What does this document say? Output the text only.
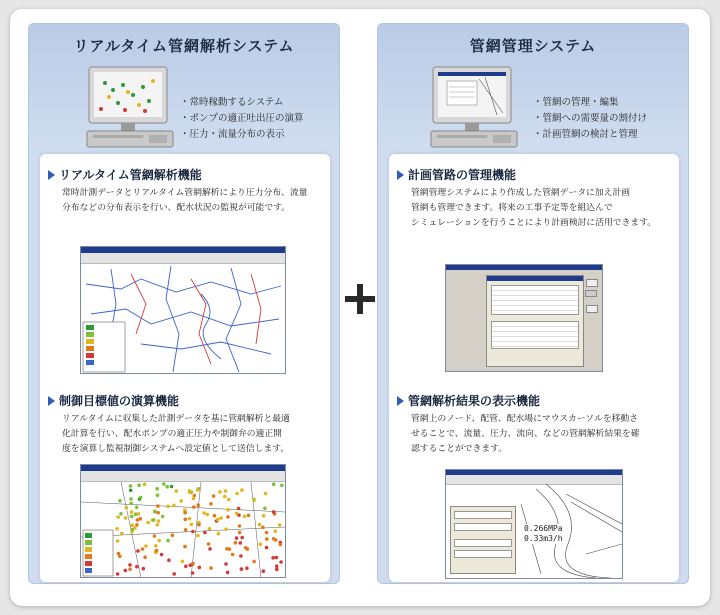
リアルタイム管網解析システム
・常時稼動するシステム
・ポンプの適正吐出圧の演算
・圧力・流量分布の表示
リアルタイム管網解析機能
常時計測データとリアルタイム管網解析により圧力分布、流量
分布などの分布表示を行い、配水状況の監視が可能です。
制御目標値の演算機能
リアルタイムに収集した計測データを基に管網解析と最適
化計算を行い、配水ポンプの適正圧力や制御弁の適正開
度を演算し監視制御システムへ設定値として送信します。
管網管理システム
・管網の管理・編集
・管網への需要量の割付け
・計画管網の検討と管理
計画管路の管理機能
管網管理システムにより作成した管網データに加え計画
管網も管理できます。将来の工事予定等を組込んで
シミュレーションを行うことにより計画検討に活用できます。
管網解析結果の表示機能
管網上のノード、配管、配水場にマウスカーソルを移動さ
せることで、流量、圧力、流向、などの管網解析結果を確
認することができます。
0.266MPa
0.33m3/h
